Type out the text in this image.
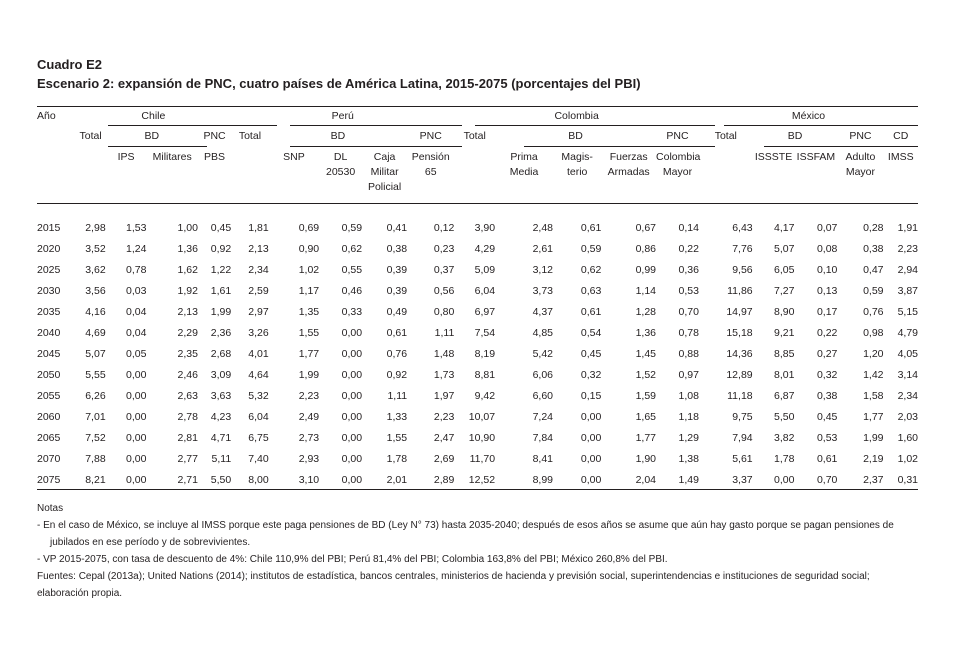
Cuadro E2
Escenario 2: expansión de PNC, cuatro países de América Latina, 2015-2075 (porcentajes del PBI)
Año	Chile				Perú					Colombia					México				
	Total	BD		PNC	Total	BD			PNC	Total	BD			PNC	Total	BD		PNC	CD
		IPS	Militares	PBS		SNP	DL 20530	Caja Militar Policial	Pensión 65		Prima Media	Magis-terio	Fuerzas Armadas	Colombia Mayor		ISSSTE	ISSFAM	Adulto Mayor	IMSS

2015	2,98	1,53	1,00	0,45	1,81	0,69	0,59	0,41	0,12	3,90	2,48	0,61	0,67	0,14	6,43	4,17	0,07	0,28	1,91
2020	3,52	1,24	1,36	0,92	2,13	0,90	0,62	0,38	0,23	4,29	2,61	0,59	0,86	0,22	7,76	5,07	0,08	0,38	2,23
2025	3,62	0,78	1,62	1,22	2,34	1,02	0,55	0,39	0,37	5,09	3,12	0,62	0,99	0,36	9,56	6,05	0,10	0,47	2,94
2030	3,56	0,03	1,92	1,61	2,59	1,17	0,46	0,39	0,56	6,04	3,73	0,63	1,14	0,53	11,86	7,27	0,13	0,59	3,87
2035	4,16	0,04	2,13	1,99	2,97	1,35	0,33	0,49	0,80	6,97	4,37	0,61	1,28	0,70	14,97	8,90	0,17	0,76	5,15
2040	4,69	0,04	2,29	2,36	3,26	1,55	0,00	0,61	1,11	7,54	4,85	0,54	1,36	0,78	15,18	9,21	0,22	0,98	4,79
2045	5,07	0,05	2,35	2,68	4,01	1,77	0,00	0,76	1,48	8,19	5,42	0,45	1,45	0,88	14,36	8,85	0,27	1,20	4,05
2050	5,55	0,00	2,46	3,09	4,64	1,99	0,00	0,92	1,73	8,81	6,06	0,32	1,52	0,97	12,89	8,01	0,32	1,42	3,14
2055	6,26	0,00	2,63	3,63	5,32	2,23	0,00	1,11	1,97	9,42	6,60	0,15	1,59	1,08	11,18	6,87	0,38	1,58	2,34
2060	7,01	0,00	2,78	4,23	6,04	2,49	0,00	1,33	2,23	10,07	7,24	0,00	1,65	1,18	9,75	5,50	0,45	1,77	2,03
2065	7,52	0,00	2,81	4,71	6,75	2,73	0,00	1,55	2,47	10,90	7,84	0,00	1,77	1,29	7,94	3,82	0,53	1,99	1,60
2070	7,88	0,00	2,77	5,11	7,40	2,93	0,00	1,78	2,69	11,70	8,41	0,00	1,90	1,38	5,61	1,78	0,61	2,19	1,02
2075	8,21	0,00	2,71	5,50	8,00	3,10	0,00	2,01	2,89	12,52	8,99	0,00	2,04	1,49	3,37	0,00	0,70	2,37	0,31
Notas
- En el caso de México, se incluye al IMSS porque este paga pensiones de BD (Ley N° 73) hasta 2035-2040; después de esos años se asume que aún hay gasto porque se pagan pensiones de jubilados en ese período y de sobrevivientes.
- VP 2015-2075, con tasa de descuento de 4%: Chile 110,9% del PBI; Perú 81,4% del PBI; Colombia 163,8% del PBI; México 260,8% del PBI.
Fuentes: Cepal (2013a); United Nations (2014); institutos de estadística, bancos centrales, ministerios de hacienda y previsión social, superintendencias e instituciones de seguridad social; elaboración propia.
